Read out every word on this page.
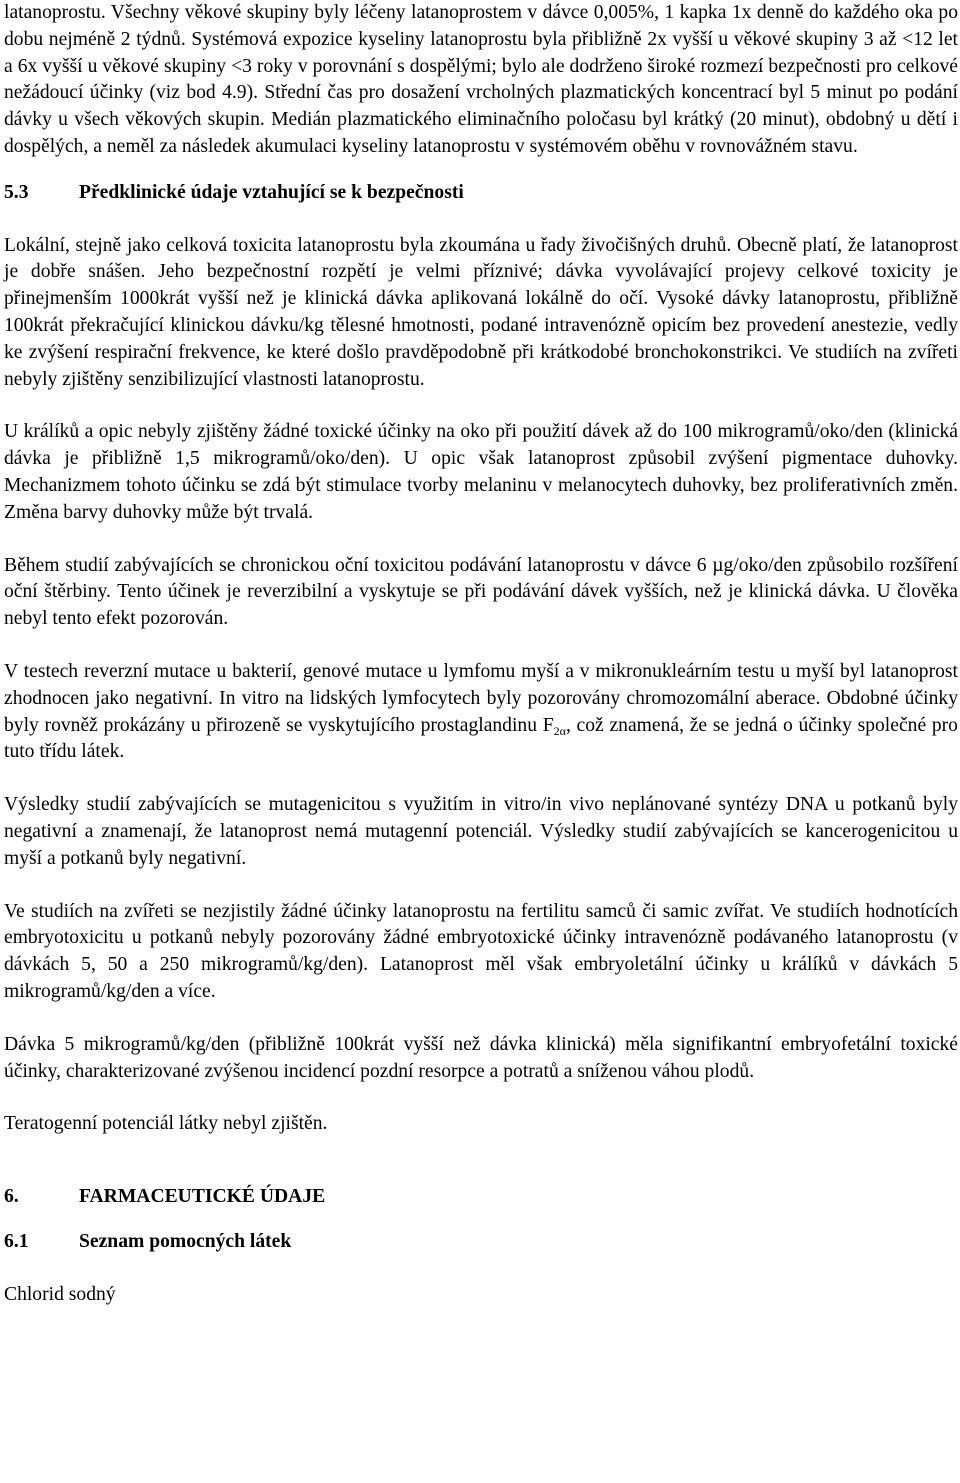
latanoprostu. Všechny věkové skupiny byly léčeny latanoprostem v dávce 0,005%, 1 kapka 1x denně do každého oka po dobu nejméně 2 týdnů. Systémová expozice kyseliny latanoprostu byla přibližně 2x vyšší u věkové skupiny 3 až <12 let a 6x vyšší u věkové skupiny <3 roky v porovnání s dospělými; bylo ale dodrženo široké rozmezí bezpečnosti pro celkové nežádoucí účinky (viz bod 4.9). Střední čas pro dosažení vrcholných plazmatických koncentrací byl 5 minut po podání dávky u všech věkových skupin. Medián plazmatického eliminačního poločasu byl krátký (20 minut), obdobný u dětí i dospělých, a neměl za následek akumulaci kyseliny latanoprostu v systémovém oběhu v rovnovážném stavu.

5.3	Předklinické údaje vztahující se k bezpečnosti

Lokální, stejně jako celková toxicita latanoprostu byla zkoumána u řady živočišných druhů. Obecně platí, že latanoprost je dobře snášen. Jeho bezpečnostní rozpětí je velmi příznivé; dávka vyvolávající projevy celkové toxicity je přinejmenším 1000krát vyšší než je klinická dávka aplikovaná lokálně do očí. Vysoké dávky latanoprostu, přibližně 100krát překračující klinickou dávku/kg tělesné hmotnosti, podané intravenózně opicím bez provedení anestezie, vedly ke zvýšení respirační frekvence, ke které došlo pravděpodobně při krátkodobé bronchokonstrikci. Ve studiích na zvířeti nebyly zjištěny senzibilizující vlastnosti latanoprostu.

U králíků a opic nebyly zjištěny žádné toxické účinky na oko při použití dávek až do 100 mikrogramů/oko/den (klinická dávka je přibližně 1,5 mikrogramů/oko/den). U opic však latanoprost způsobil zvýšení pigmentace duhovky. Mechanizmem tohoto účinku se zdá být stimulace tvorby melaninu v melanocytech duhovky, bez proliferativních změn. Změna barvy duhovky může být trvalá.

Během studií zabývajících se chronickou oční toxicitou podávání latanoprostu v dávce 6 µg/oko/den způsobilo rozšíření oční štěrbiny. Tento účinek je reverzibilní a vyskytuje se při podávání dávek vyšších, než je klinická dávka. U člověka nebyl tento efekt pozorován.

V testech reverzní mutace u bakterií, genové mutace u lymfomu myší a v mikronukleárním testu u myší byl latanoprost zhodnocen jako negativní. In vitro na lidských lymfocytech byly pozorovány chromozomální aberace. Obdobné účinky byly rovněž prokázány u přirozeně se vyskytujícího prostaglandinu $F_{2\alpha}$, což znamená, že se jedná o účinky společné pro tuto třídu látek.

Výsledky studií zabývajících se mutagenicitou s využitím in vitro/in vivo neplánované syntézy DNA u potkanů byly negativní a znamenají, že latanoprost nemá mutagenní potenciál. Výsledky studií zabývajících se kancerogenicitou u myší a potkanů byly negativní.

Ve studiích na zvířeti se nezjistily žádné účinky latanoprostu na fertilitu samců či samic zvířat. Ve studiích hodnotících embryotoxicitu u potkanů nebyly pozorovány žádné embryotoxické účinky intravenózně podávaného latanoprostu (v dávkách 5, 50 a 250 mikrogramů/kg/den). Latanoprost měl však embryoletální účinky u králíků v dávkách 5 mikrogramů/kg/den a více.

Dávka 5 mikrogramů/kg/den (přibližně 100krát vyšší než dávka klinická) měla signifikantní embryofetální toxické účinky, charakterizované zvýšenou incidencí pozdní resorpce a potratů a sníženou váhou plodů.

Teratogenní potenciál látky nebyl zjištěn.

6.	FARMACEUTICKÉ ÚDAJE
6.1	Seznam pomocných látek

Chlorid sodný
